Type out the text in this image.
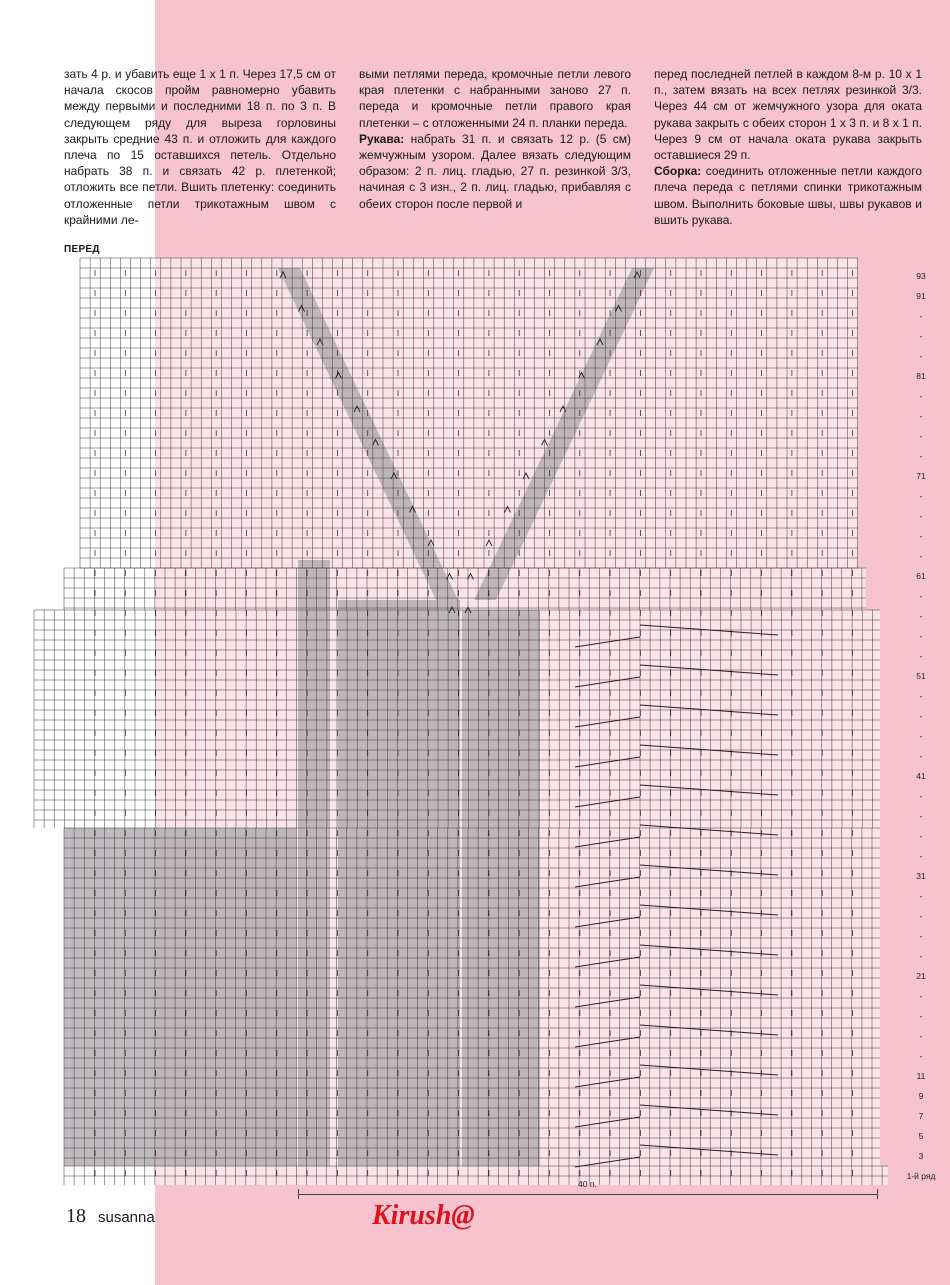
зать 4 р. и убавить еще 1 х 1 п. Через 17,5 см от начала скосов пройм равномерно убавить между первыми и последними 18 п. по 3 п. В следующем ряду для выреза горловины закрыть средние 43 п. и отложить для каждого плеча по 15 оставшихся петель. Отдельно набрать 38 п. и связать 42 р. плетенкой; отложить все петли. Вшить плетенку: соединить отложенные петли трикотажным швом с крайними ле-
выми петлями переда, кромочные петли левого края плетенки с набранными заново 27 п. переда и кромочные петли правого края плетенки – с отложенными 24 п. планки переда.
Рукава: набрать 31 п. и связать 12 р. (5 см) жемчужным узором. Далее вязать следующим образом: 2 п. лиц. гладью, 27 п. резинкой 3/3, начиная с 3 изн., 2 п. лиц. гладью, прибавляя с обеих сторон после первой и
перед последней петлей в каждом 8-м р. 10 х 1 п., затем вязать на всех петлях резинкой 3/3. Через 44 см от жемчужного узора для оката рукава закрыть с обеих сторон 1 х 3 п. и 8 х 1 п. Через 9 см от начала оката рукава закрыть оставшиеся 29 п.
Сборка: соединить отложенные петли каждого плеча переда с петлями спинки трикотажным швом. Выполнить боковые швы, швы рукавов и вшить рукава.
ПЕРЕД
93
91
-
-
-
81
-
-
-
-
71
-
-
-
-
61
-
-
-
-
51
-
-
-
-
41
-
-
-
-
31
-
-
-
-
21
-
-
-
-
11
9
7
5
3
1-й ряд
40 п.
18 susanna	Kirush@
